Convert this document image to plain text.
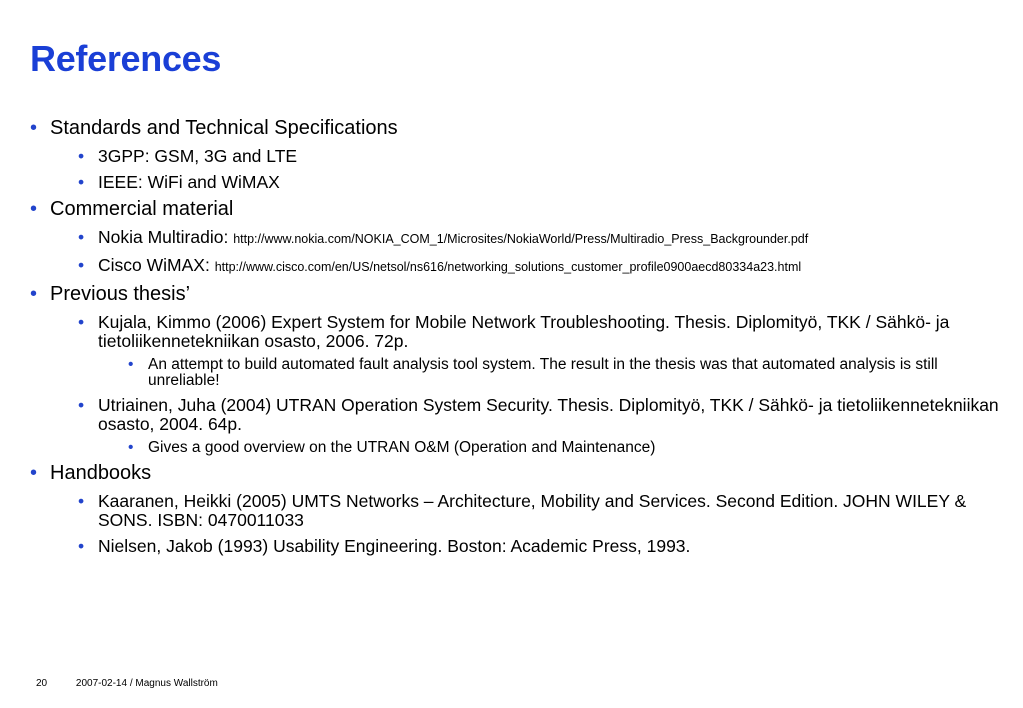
References
• Standards and Technical Specifications
• 3GPP: GSM, 3G and LTE
• IEEE: WiFi and WiMAX
• Commercial material
• Nokia Multiradio: http://www.nokia.com/NOKIA_COM_1/Microsites/NokiaWorld/Press/Multiradio_Press_Backgrounder.pdf
• Cisco WiMAX: http://www.cisco.com/en/US/netsol/ns616/networking_solutions_customer_profile0900aecd80334a23.html
• Previous thesis’
• Kujala, Kimmo (2006) Expert System for Mobile Network Troubleshooting. Thesis. Diplomityö, TKK / Sähkö- ja tietoliikennetekniikan osasto, 2006. 72p.
• An attempt to build automated fault analysis tool system. The result in the thesis was that automated analysis is still unreliable!
• Utriainen, Juha (2004) UTRAN Operation System Security. Thesis. Diplomityö, TKK / Sähkö- ja tietoliikennetekniikan osasto, 2004. 64p.
• Gives a good overview on the UTRAN O&M (Operation and Maintenance)
• Handbooks
• Kaaranen, Heikki (2005) UMTS Networks – Architecture, Mobility and Services. Second Edition. JOHN WILEY & SONS. ISBN: 0470011033
• Nielsen, Jakob (1993) Usability Engineering. Boston: Academic Press, 1993.
20	2007-02-14 / Magnus Wallström
